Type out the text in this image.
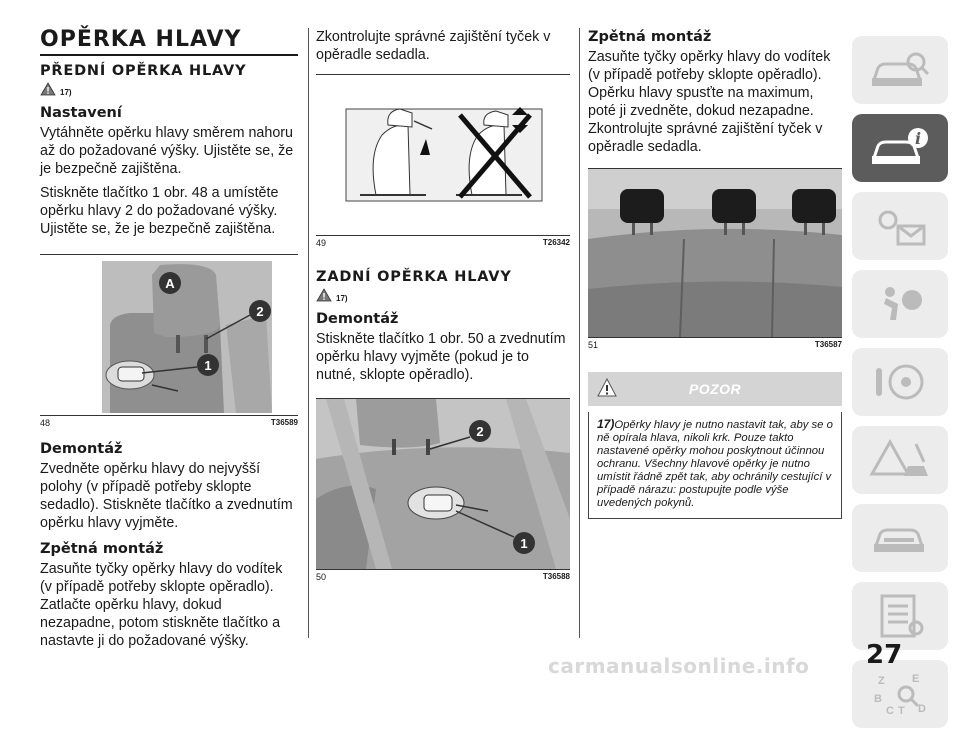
OPĚRKA HLAVY
PŘEDNÍ OPĚRKA HLAVY
17)
Nastavení

Vytáhněte opěrku hlavy směrem nahoru až do požadované výšky. Ujistěte se, že je bezpečně zajištěna.

Stiskněte tlačítko 1 obr. 48 a umístěte opěrku hlavy 2 do požadované výšky. Ujistěte se, že je bezpečně zajištěna.

A
2
1
48	T36589
Demontáž

Zvedněte opěrku hlavy do nejvyšší polohy (v případě potřeby sklopte sedadlo). Stiskněte tlačítko a zvednutím opěrku hlavy vyjměte.

Zpětná montáž

Zasuňte tyčky opěrky hlavy do vodítek (v případě potřeby sklopte opěradlo). Zatlačte opěrku hlavy, dokud nezapadne, potom stiskněte tlačítko a nastavte ji do požadované výšky.

Zkontrolujte správné zajištění tyček v opěradle sedadla.

49	T26342
ZADNÍ OPĚRKA HLAVY
17)
Demontáž

Stiskněte tlačítko 1 obr. 50 a zvednutím opěrku hlavy vyjměte (pokud je to nutné, sklopte opěradlo).

2
1
50	T36588
Zpětná montáž

Zasuňte tyčky opěrky hlavy do vodítek (v případě potřeby sklopte opěradlo). Opěrku hlavy spusťte na maximum, poté ji zvedněte, dokud nezapadne. Zkontrolujte správné zajištění tyček v opěradle sedadla.

51	T36587
POZOR

17)Opěrky hlavy je nutno nastavit tak, aby se o ně opírala hlava, nikoli krk. Pouze takto nastavené opěrky mohou poskytnout účinnou ochranu. Všechny hlavové opěrky je nutno umístit řádně zpět tak, aby ochránily cestující v případě nárazu: postupujte podle výše uvedených pokynů.

i
Z E
B
C T D
27
carmanualsonline.info
